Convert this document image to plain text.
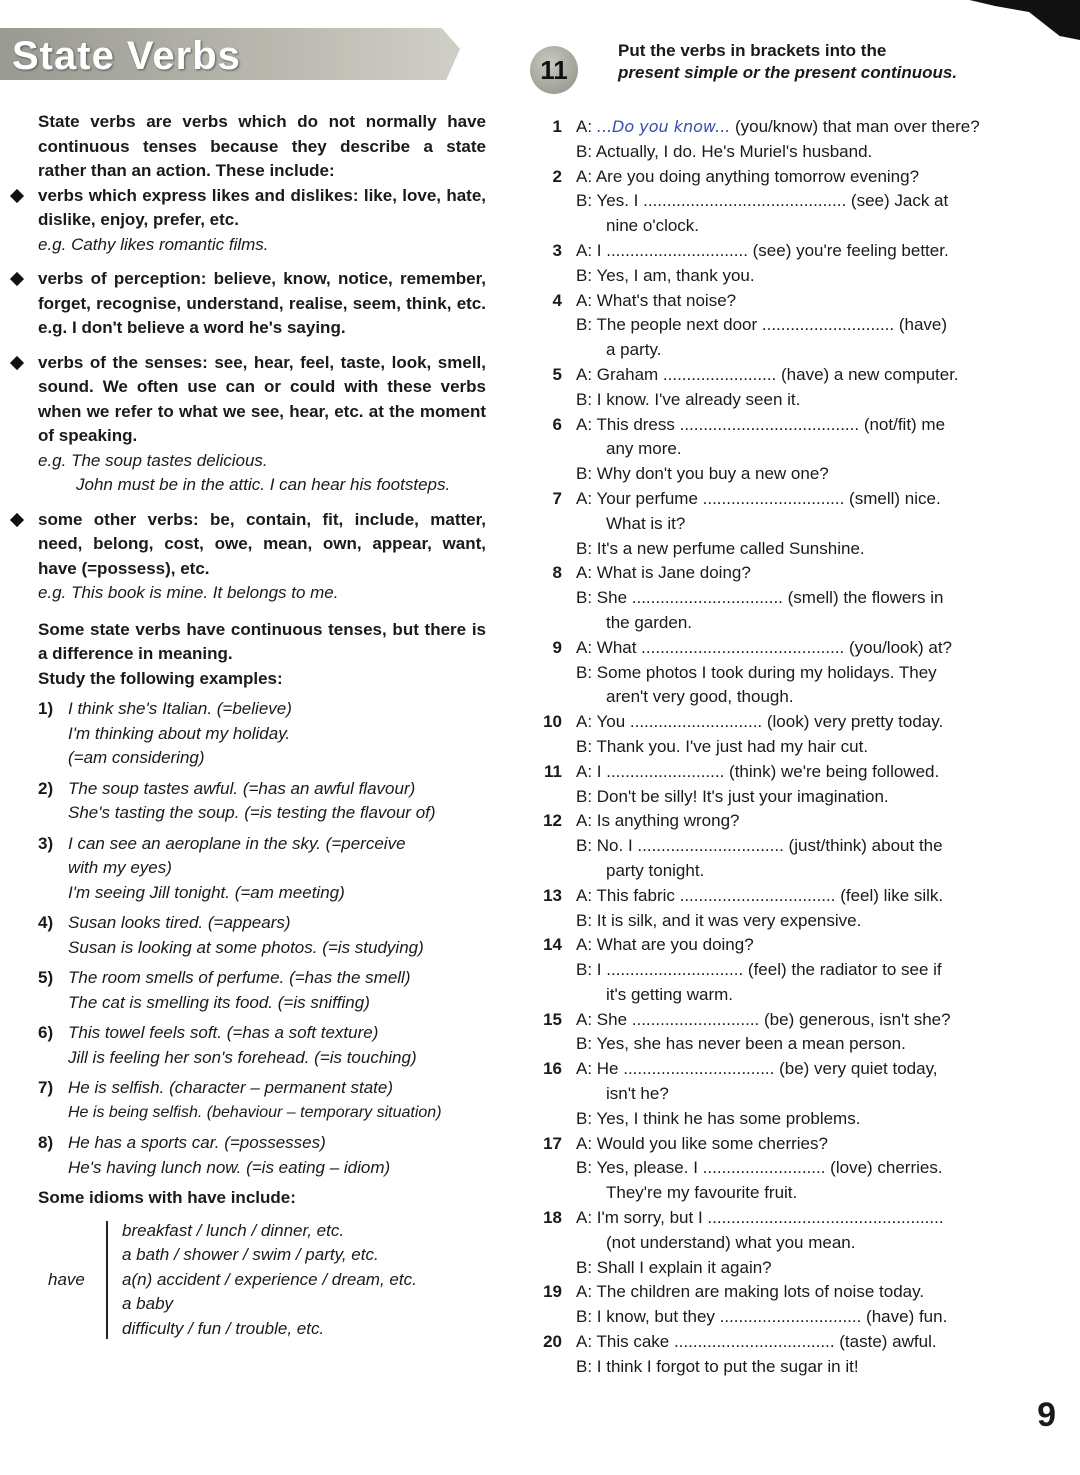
State Verbs	11
Put the verbs in brackets into the
present simple or the present continuous.

State verbs are verbs which do not normally have continuous tenses because they describe a state rather than an action. These include:

verbs which express likes and dislikes: like, love, hate, dislike, enjoy, prefer, etc.

e.g. Cathy likes romantic films.

verbs of perception: believe, know, notice, remember, forget, recognise, understand, realise, seem, think, etc. e.g. I don't believe a word he's saying.

verbs of the senses: see, hear, feel, taste, look, smell, sound. We often use can or could with these verbs when we refer to what we see, hear, etc. at the moment of speaking.

e.g. The soup tastes delicious.

John must be in the attic. I can hear his footsteps.

some other verbs: be, contain, fit, include, matter, need, belong, cost, owe, mean, own, appear, want, have (=possess), etc.

e.g. This book is mine. It belongs to me.

Some state verbs have continuous tenses, but there is a difference in meaning.

Study the following examples:

1) I think she's Italian. (=believe)

I'm thinking about my holiday.

(=am considering)

2) The soup tastes awful. (=has an awful flavour)

She's tasting the soup. (=is testing the flavour of)

3) I can see an aeroplane in the sky. (=perceive

with my eyes)

I'm seeing Jill tonight. (=am meeting)

4) Susan looks tired. (=appears)

Susan is looking at some photos. (=is studying)

5) The room smells of perfume. (=has the smell)

The cat is smelling its food. (=is sniffing)

6) This towel feels soft. (=has a soft texture)

Jill is feeling her son's forehead. (=is touching)

7) He is selfish. (character – permanent state)

He is being selfish. (behaviour – temporary situation)

8) He has a sports car. (=possesses)

He's having lunch now. (=is eating – idiom)

Some idioms with have include:

have
breakfast / lunch / dinner, etc.
a bath / shower / swim / party, etc.
a(n) accident / experience / dream, etc.
a baby
difficulty / fun / trouble, etc.
1 A: ...Do you know... (you/know) that man over there?
B: Actually, I do. He's Muriel's husband.
2 A: Are you doing anything tomorrow evening?
B: Yes. I ........................................... (see) Jack at
nine o'clock.
3 A: I .............................. (see) you're feeling better.
B: Yes, I am, thank you.
4 A: What's that noise?
B: The people next door ............................ (have)
a party.
5 A: Graham ........................ (have) a new computer.
B: I know. I've already seen it.
6 A: This dress ...................................... (not/fit) me
any more.
B: Why don't you buy a new one?
7 A: Your perfume .............................. (smell) nice.
What is it?
B: It's a new perfume called Sunshine.
8 A: What is Jane doing?
B: She ................................ (smell) the flowers in
the garden.
9 A: What ........................................... (you/look) at?
B: Some photos I took during my holidays. They
aren't very good, though.
10 A: You ............................ (look) very pretty today.
B: Thank you. I've just had my hair cut.
11 A: I ......................... (think) we're being followed.
B: Don't be silly! It's just your imagination.
12 A: Is anything wrong?
B: No. I ............................... (just/think) about the
party tonight.
13 A: This fabric ................................. (feel) like silk.
B: It is silk, and it was very expensive.
14 A: What are you doing?
B: I ............................. (feel) the radiator to see if
it's getting warm.
15 A: She ........................... (be) generous, isn't she?
B: Yes, she has never been a mean person.
16 A: He ................................ (be) very quiet today,
isn't he?
B: Yes, I think he has some problems.
17 A: Would you like some cherries?
B: Yes, please. I .......................... (love) cherries.
They're my favourite fruit.
18 A: I'm sorry, but I ..................................................
(not understand) what you mean.
B: Shall I explain it again?
19 A: The children are making lots of noise today.
B: I know, but they .............................. (have) fun.
20 A: This cake .................................. (taste) awful.
B: I think I forgot to put the sugar in it!
9
